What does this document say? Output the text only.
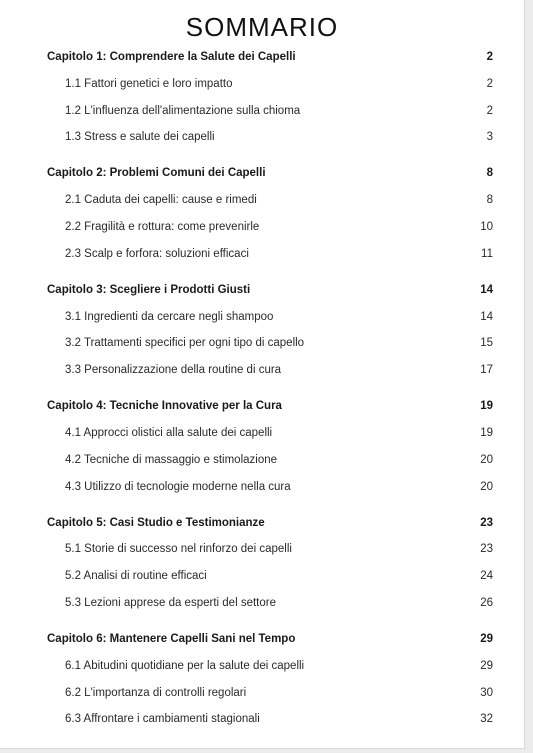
SOMMARIO
Capitolo 1: Comprendere la Salute dei Capelli	2
1.1 Fattori genetici e loro impatto	2
1.2 L'influenza dell'alimentazione sulla chioma	2
1.3 Stress e salute dei capelli	3
Capitolo 2: Problemi Comuni dei Capelli	8
2.1 Caduta dei capelli: cause e rimedi	8
2.2 Fragilità e rottura: come prevenirle	10
2.3 Scalp e forfora: soluzioni efficaci	11
Capitolo 3: Scegliere i Prodotti Giusti	14
3.1 Ingredienti da cercare negli shampoo	14
3.2 Trattamenti specifici per ogni tipo di capello	15
3.3 Personalizzazione della routine di cura	17
Capitolo 4: Tecniche Innovative per la Cura	19
4.1 Approcci olistici alla salute dei capelli	19
4.2 Tecniche di massaggio e stimolazione	20
4.3 Utilizzo di tecnologie moderne nella cura	20
Capitolo 5: Casi Studio e Testimonianze	23
5.1 Storie di successo nel rinforzo dei capelli	23
5.2 Analisi di routine efficaci	24
5.3 Lezioni apprese da esperti del settore	26
Capitolo 6: Mantenere Capelli Sani nel Tempo	29
6.1 Abitudini quotidiane per la salute dei capelli	29
6.2 L'importanza di controlli regolari	30
6.3 Affrontare i cambiamenti stagionali	32
